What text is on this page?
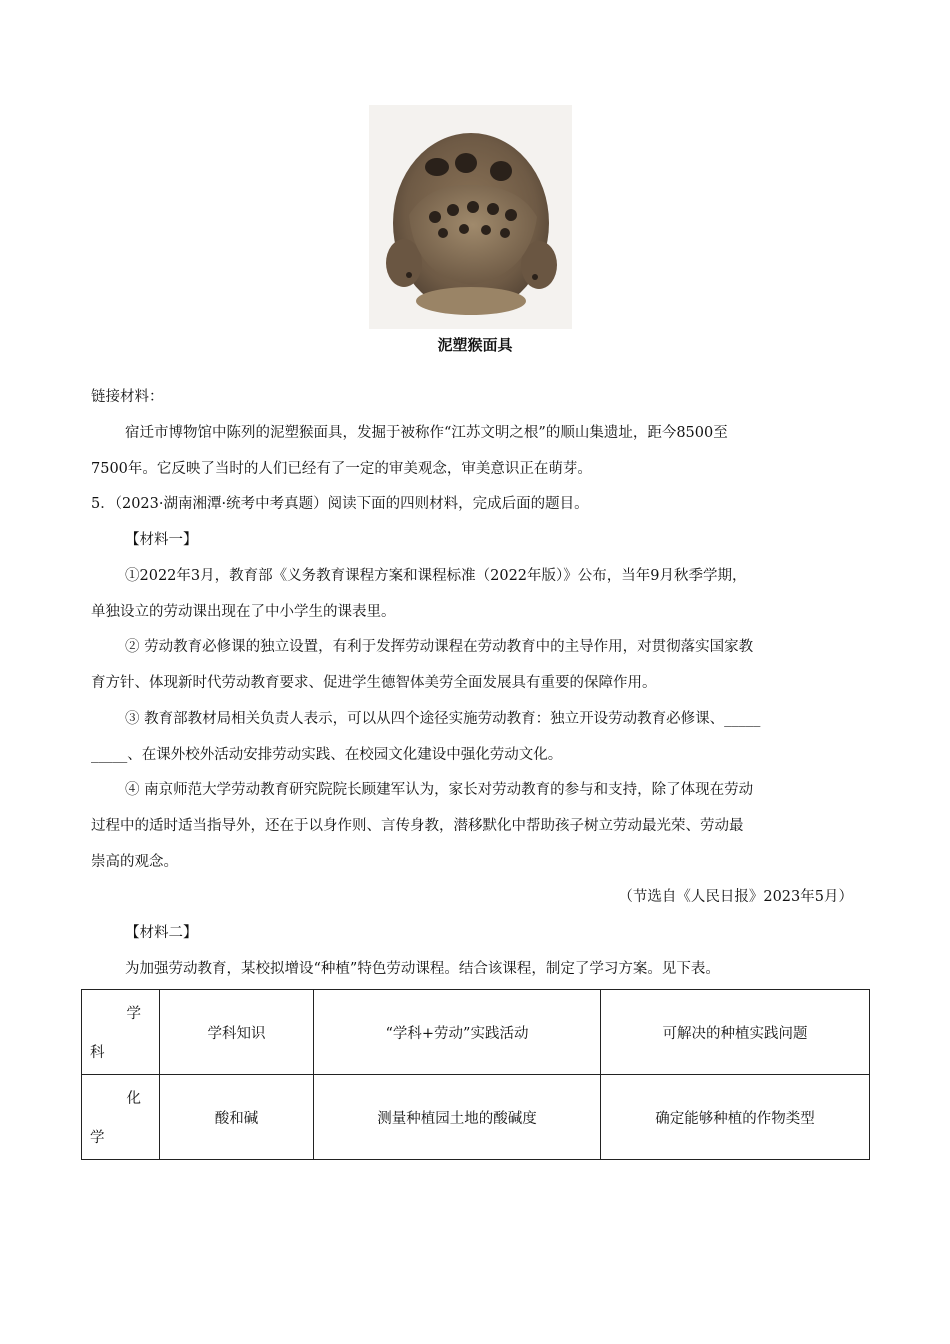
泥塑猴面具
链接材料：
宿迁市博物馆中陈列的泥塑猴面具，发掘于被称作“江苏文明之根”的顺山集遗址，距今8500至
7500年。它反映了当时的人们已经有了一定的审美观念，审美意识正在萌芽。
5．（2023·湖南湘潭·统考中考真题）阅读下面的四则材料，完成后面的题目。
【材料一】
①2022年3月，教育部《义务教育课程方案和课程标准（2022年版）》公布，当年9月秋季学期，
单独设立的劳动课出现在了中小学生的课表里。
② 劳动教育必修课的独立设置，有利于发挥劳动课程在劳动教育中的主导作用，对贯彻落实国家教
育方针、体现新时代劳动教育要求、促进学生德智体美劳全面发展具有重要的保障作用。
③ 教育部教材局相关负责人表示，可以从四个途径实施劳动教育：独立开设劳动教育必修课、_____
_____、在课外校外活动安排劳动实践、在校园文化建设中强化劳动文化。
④ 南京师范大学劳动教育研究院院长顾建军认为，家长对劳动教育的参与和支持，除了体现在劳动
过程中的适时适当指导外，还在于以身作则、言传身教，潜移默化中帮助孩子树立劳动最光荣、劳动最
崇高的观念。
（节选自《人民日报》2023年5月）
【材料二】
为加强劳动教育，某校拟增设“种植”特色劳动课程。结合该课程，制定了学习方案。见下表。
学
科	学科知识	“学科+劳动”实践活动	可解决的种植实践问题

化
学	酸和碱	测量种植园土地的酸碱度	确定能够种植的作物类型
